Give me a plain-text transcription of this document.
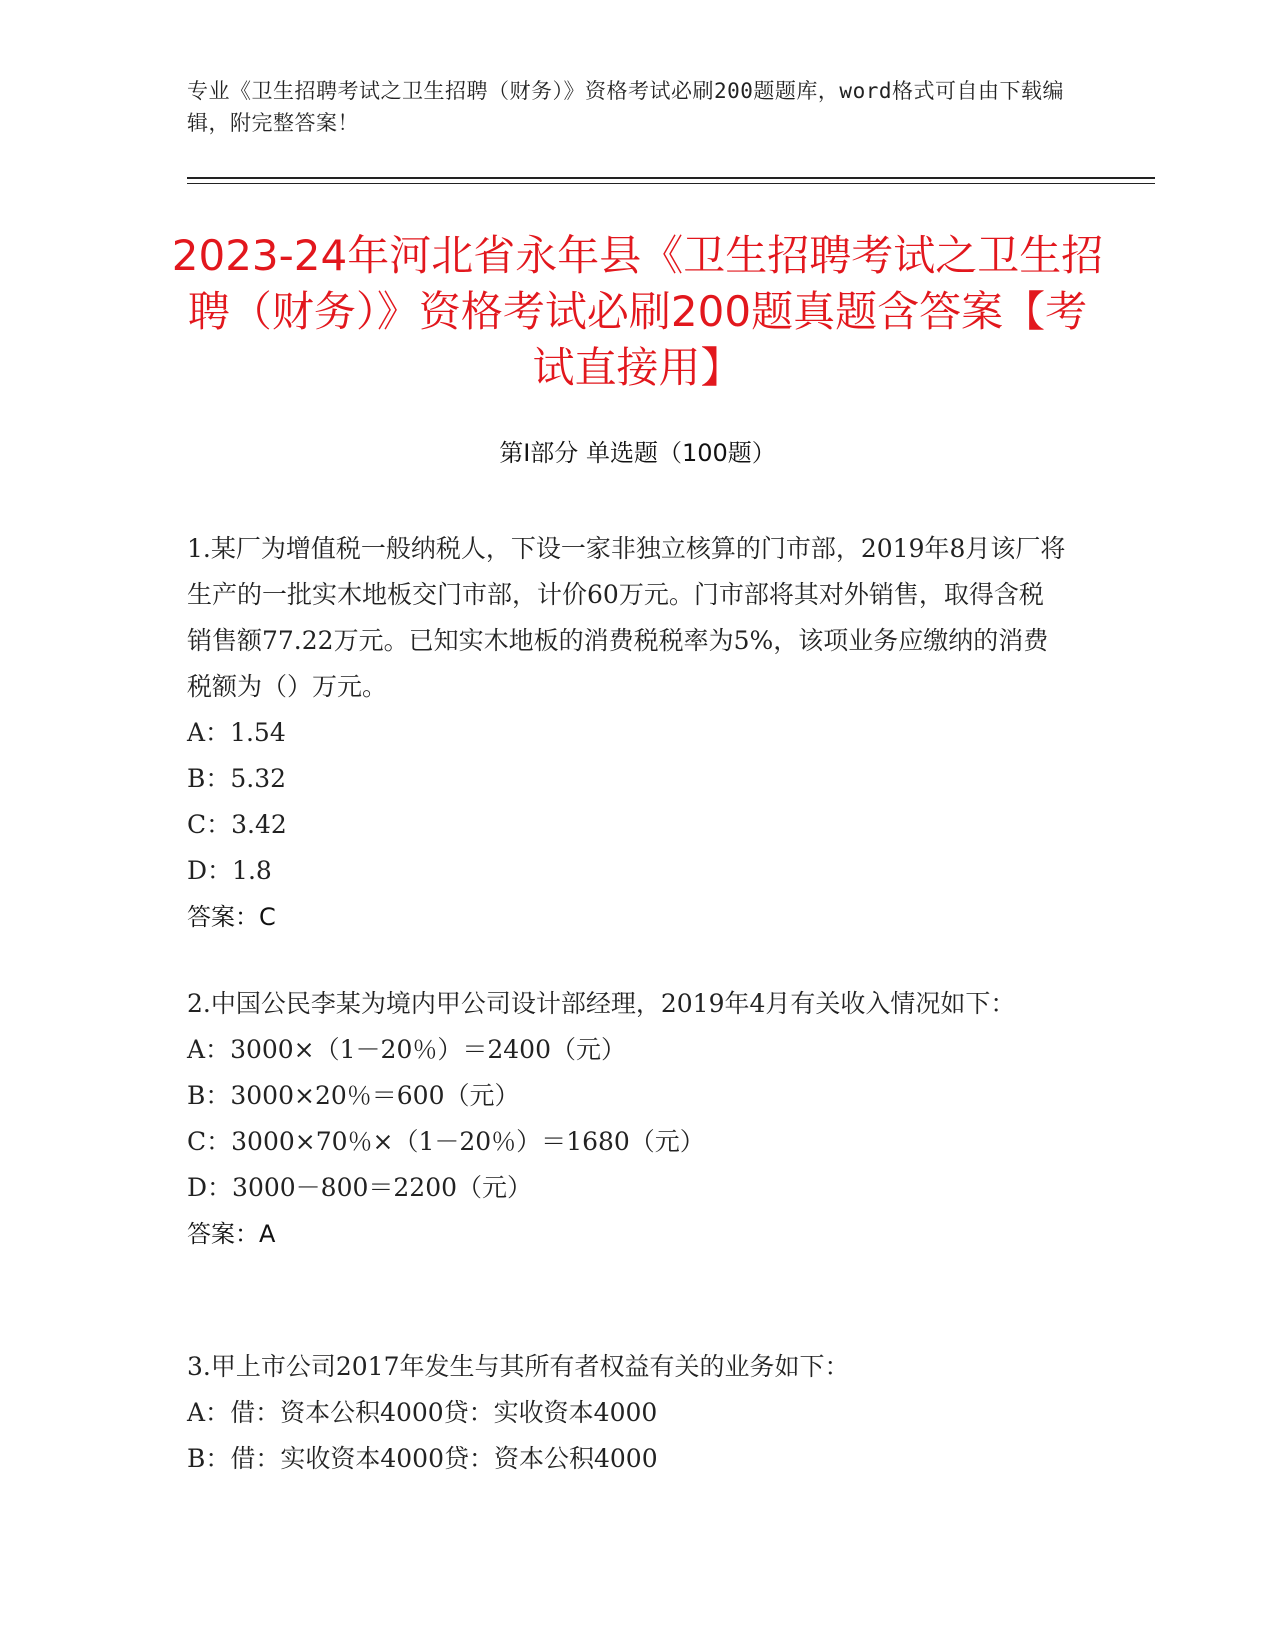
专业《卫生招聘考试之卫生招聘（财务）》资格考试必刷200题题库，word格式可自由下载编辑，附完整答案！
2023-24年河北省永年县《卫生招聘考试之卫生招聘（财务）》资格考试必刷200题真题含答案【考试直接用】
第Ⅰ部分 单选题（100题）

1.某厂为增值税一般纳税人，下设一家非独立核算的门市部，2019年8月该厂将生产的一批实木地板交门市部，计价60万元。门市部将其对外销售，取得含税销售额77.22万元。已知实木地板的消费税税率为5%，该项业务应缴纳的消费税额为（）万元。

A：1.54
B：5.32
C：3.42
D：1.8
答案：C

2.中国公民李某为境内甲公司设计部经理，2019年4月有关收入情况如下：

A：3000×（1－20％）＝2400（元）
B：3000×20％＝600（元）
C：3000×70％×（1－20％）＝1680（元）
D：3000－800＝2200（元）
答案：A

3.甲上市公司2017年发生与其所有者权益有关的业务如下：

A：借：资本公积4000贷：实收资本4000
B：借：实收资本4000贷：资本公积4000
